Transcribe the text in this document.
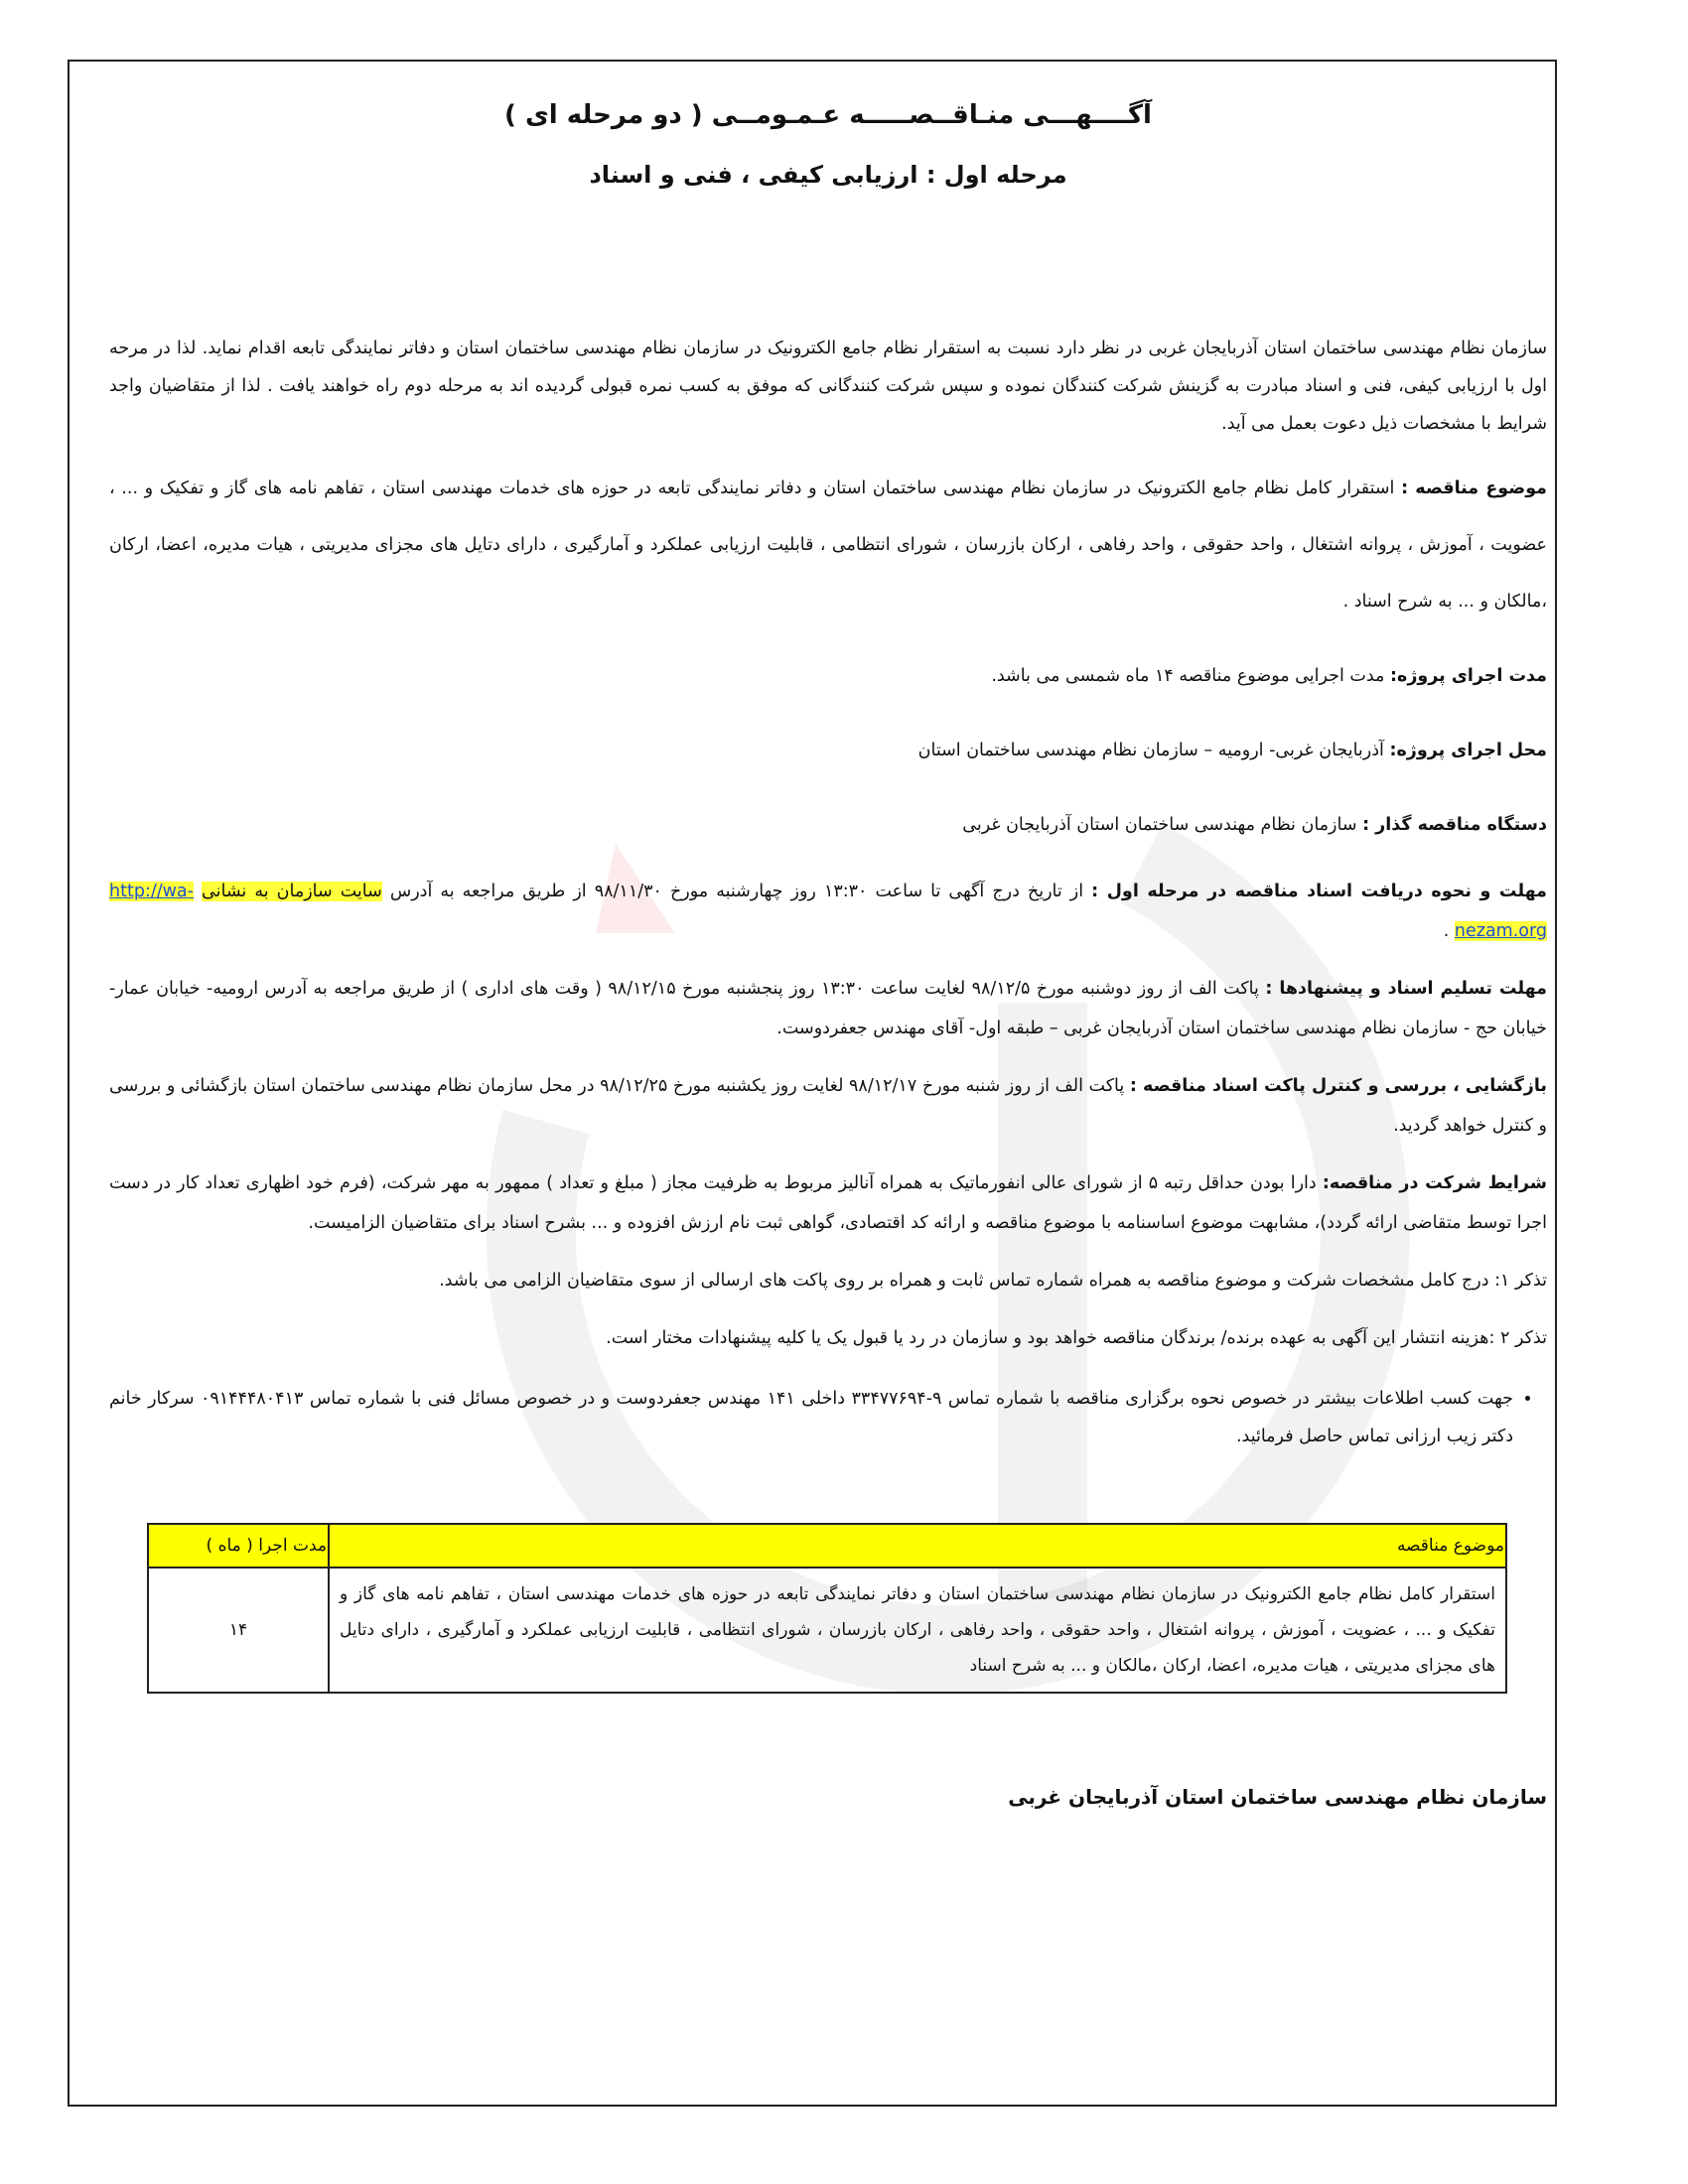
آگــــهـــی منـاقــصـــــه عـمـومــی ( دو مرحله ای )
مرحله اول : ارزیابی کیفی ، فنی و اسناد

سازمان نظام مهندسی ساختمان استان آذربایجان غربی در نظر دارد نسبت به استقرار نظام جامع الکترونیک در سازمان نظام مهندسی ساختمان استان و دفاتر نمایندگی تابعه اقدام نماید. لذا در مرحه اول با ارزیابی کیفی، فنی و اسناد مبادرت به گزینش شرکت کنندگان نموده و سپس شرکت کنندگانی که موفق به کسب نمره قبولی گردیده اند به مرحله دوم راه خواهند یافت . لذا از متقاضیان واجد شرایط با مشخصات ذیل دعوت بعمل می آید.

موضوع مناقصه : استقرار کامل نظام جامع الکترونیک در سازمان نظام مهندسی ساختمان استان و دفاتر نمایندگی تابعه در حوزه های خدمات مهندسی استان ، تفاهم نامه های گاز و تفکیک و ... ، عضویت ، آموزش ، پروانه اشتغال ، واحد حقوقی ، واحد رفاهی ، ارکان بازرسان ، شورای انتظامی ، قابلیت ارزیابی عملکرد و آمارگیری ، دارای دتایل های مجزای مدیریتی ، هیات مدیره، اعضا، ارکان ،مالکان و ... به شرح اسناد .

مدت اجرای پروژه: مدت اجرایی موضوع مناقصه ۱۴ ماه شمسی می باشد.

محل اجرای پروژه: آذربایجان غربی- ارومیه – سازمان نظام مهندسی ساختمان استان

دستگاه مناقصه گذار : سازمان نظام مهندسی ساختمان استان آذربایجان غربی

مهلت و نحوه دریافت اسناد مناقصه در مرحله اول : از تاریخ درج آگهی تا ساعت ۱۳:۳۰ روز چهارشنبه مورخ ۹۸/۱۱/۳۰ از طریق مراجعه به آدرس سایت سازمان به نشانی http://wa-nezam.org .

مهلت تسلیم اسناد و پیشنهادها : پاکت الف از روز دوشنبه مورخ ۹۸/۱۲/۵ لغایت ساعت ۱۳:۳۰ روز پنجشنبه مورخ ۹۸/۱۲/۱۵ ( وقت های اداری ) از طریق مراجعه به آدرس ارومیه- خیابان عمار- خیابان حج - سازمان نظام مهندسی ساختمان استان آذربایجان غربی – طبقه اول- آقای مهندس جعفردوست.

بازگشایی ، بررسی و کنترل پاکت اسناد مناقصه : پاکت الف از روز شنبه مورخ ۹۸/۱۲/۱۷ لغایت روز یکشنبه مورخ ۹۸/۱۲/۲۵ در محل سازمان نظام مهندسی ساختمان استان بازگشائی و بررسی و کنترل خواهد گردید.

شرایط شرکت در مناقصه: دارا بودن حداقل رتبه ۵ از شورای عالی انفورماتیک به همراه آنالیز مربوط به ظرفیت مجاز ( مبلغ و تعداد ) ممهور به مهر شرکت، (فرم خود اظهاری تعداد کار در دست اجرا توسط متقاضی ارائه گردد)، مشابهت موضوع اساسنامه با موضوع مناقصه و ارائه کد اقتصادی، گواهی ثبت نام ارزش افزوده و ... بشرح اسناد برای متقاضیان الزامیست.

تذکر ۱: درج کامل مشخصات شرکت و موضوع مناقصه به همراه شماره تماس ثابت و همراه بر روی پاکت های ارسالی از سوی متقاضیان الزامی می باشد.

تذکر ۲ :هزینه انتشار این آگهی به عهده برنده/ برندگان مناقصه خواهد بود و سازمان در رد یا قبول یک یا کلیه پیشنهادات مختار است.

• جهت کسب اطلاعات بیشتر در خصوص نحوه برگزاری مناقصه با شماره تماس ۹-۳۳۴۷۷۶۹۴ داخلی ۱۴۱ مهندس جعفردوست و در خصوص مسائل فنی با شماره تماس ۰۹۱۴۴۴۸۰۴۱۳ سرکار خانم دکتر زیب ارزانی تماس حاصل فرمائید.
موضوع مناقصه	مدت اجرا ( ماه )
استقرار کامل نظام جامع الکترونیک در سازمان نظام مهندسی ساختمان استان و دفاتر نمایندگی تابعه در حوزه های خدمات مهندسی استان ، تفاهم نامه های گاز و تفکیک و ... ، عضویت ، آموزش ، پروانه اشتغال ، واحد حقوقی ، واحد رفاهی ، ارکان بازرسان ، شورای انتظامی ، قابلیت ارزیابی عملکرد و آمارگیری ، دارای دتایل های مجزای مدیریتی ، هیات مدیره، اعضا، ارکان ،مالکان و ... به شرح اسناد	۱۴

سازمان نظام مهندسی ساختمان استان آذربایجان غربی
